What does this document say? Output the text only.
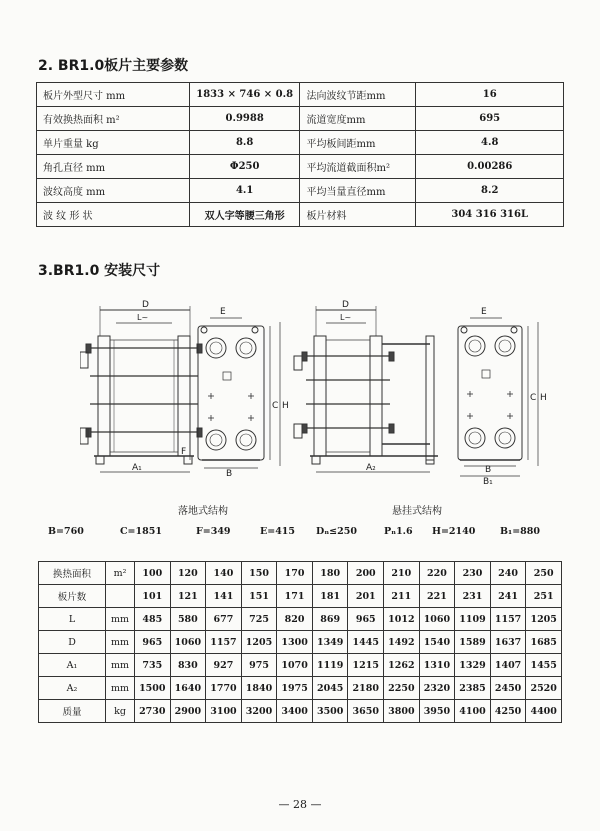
2. BR1.0板片主要参数
板片外型尺寸 mm	1833 × 746 × 0.8	法向波纹节距mm	16
有效换热面积 m²	0.9988	流道宽度mm	695
单片重量 kg	8.8	平均板间距mm	4.8
角孔直径 mm	Φ250	平均流道截面积m²	0.00286
波纹高度 mm	4.1	平均当量直径mm	8.2
波 纹 形 状	双人字等腰三角形	板片材料	304 316 316L
3.BR1.0 安装尺寸
D
L~
A₁
E
C H
F
B
D
L~
A₂
E
C H
B
B₁
落地式结构	悬挂式结构
B=760	C=1851	F=349	E=415 Dₙ≤250	Pₙ1.6 H=2140	B₁=880
换热面积	m²	100	120	140	150	170	180	200	210	220	230	240	250
板片数		101	121	141	151	171	181	201	211	221	231	241	251
L	mm	485	580	677	725	820	869	965	1012	1060	1109	1157	1205
D	mm	965	1060	1157	1205	1300	1349	1445	1492	1540	1589	1637	1685
A₁	mm	735	830	927	975	1070	1119	1215	1262	1310	1329	1407	1455
A₂	mm	1500	1640	1770	1840	1975	2045	2180	2250	2320	2385	2450	2520
质量	kg	2730	2900	3100	3200	3400	3500	3650	3800	3950	4100	4250	4400
— 28 —
